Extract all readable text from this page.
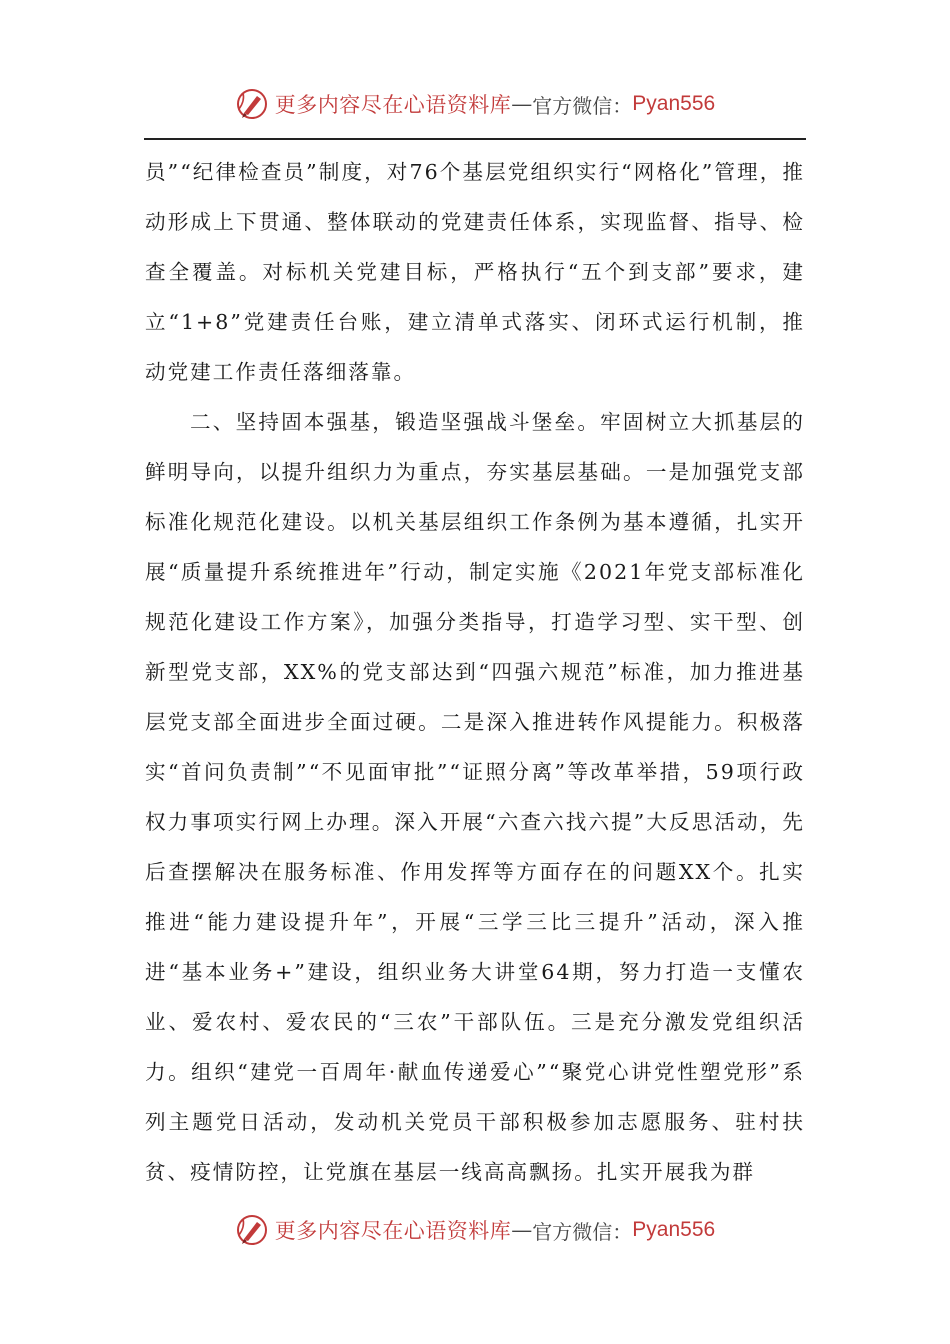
更多内容尽在心语资料库 — 官方微信： Pyan556

员”“纪律检查员”制度，对76个基层党组织实行“网格化”管理，推动形成上下贯通、整体联动的党建责任体系，实现监督、指导、检查全覆盖。对标机关党建目标，严格执行“五个到支部”要求，建立“1+8”党建责任台账，建立清单式落实、闭环式运行机制，推动党建工作责任落细落靠。

二、坚持固本强基，锻造坚强战斗堡垒。牢固树立大抓基层的鲜明导向，以提升组织力为重点，夯实基层基础。一是加强党支部标准化规范化建设。以机关基层组织工作条例为基本遵循，扎实开展“质量提升系统推进年”行动，制定实施《2021年党支部标准化规范化建设工作方案》，加强分类指导，打造学习型、实干型、创新型党支部，XX%的党支部达到“四强六规范”标准，加力推进基层党支部全面进步全面过硬。二是深入推进转作风提能力。积极落实“首问负责制”“不见面审批”“证照分离”等改革举措，59项行政权力事项实行网上办理。深入开展“六查六找六提”大反思活动，先后查摆解决在服务标准、作用发挥等方面存在的问题XX个。扎实推进“能力建设提升年”，开展“三学三比三提升”活动，深入推进“基本业务+”建设，组织业务大讲堂64期，努力打造一支懂农业、爱农村、爱农民的“三农”干部队伍。三是充分激发党组织活力。组织“建党一百周年·献血传递爱心”“聚党心讲党性塑党形”系列主题党日活动，发动机关党员干部积极参加志愿服务、驻村扶贫、疫情防控，让党旗在基层一线高高飘扬。扎实开展我为群

更多内容尽在心语资料库 — 官方微信： Pyan556
